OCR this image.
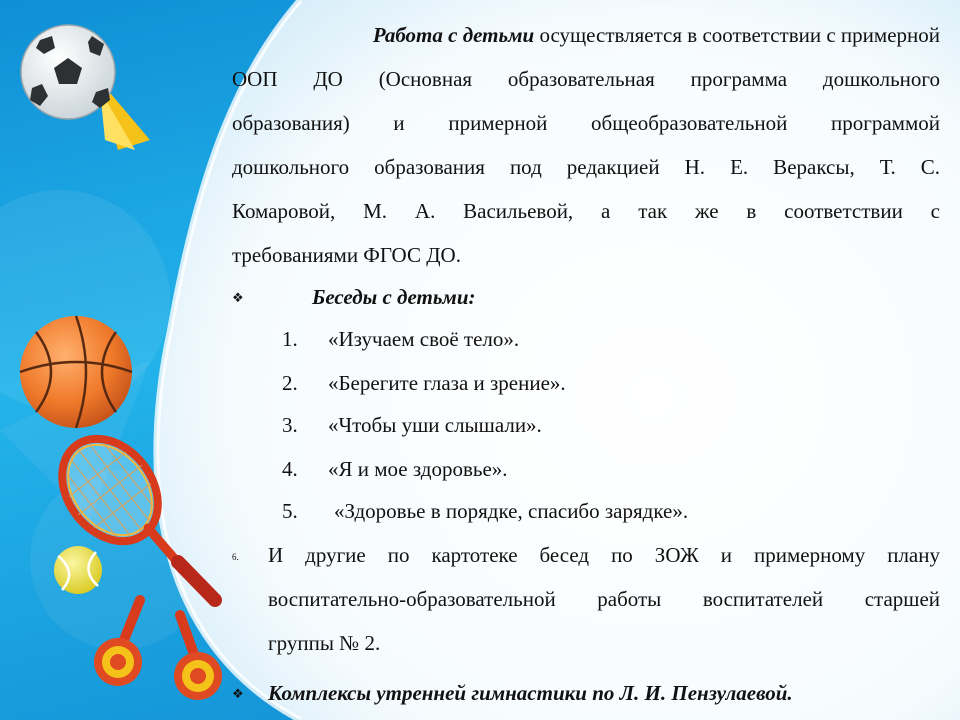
Работа с детьми осуществляется в соответствии с примерной
ООП ДО (Основная образовательная программа дошкольного
образования) и примерной общеобразовательной программой
дошкольного образования под редакцией Н. Е. Вераксы, Т. С.
Комаровой, М. А. Васильевой, а так же в соответствии с
требованиями ФГОС ДО.
❖	Беседы с детьми:
1. «Изучаем своё тело».
2. «Берегите глаза и зрение».
3. «Чтобы уши слышали».
4. «Я и мое здоровье».
5. «Здоровье в порядке, спасибо зарядке».
6. И другие по картотеке бесед по ЗОЖ и примерному плану
воспитательно-образовательной работы воспитателей старшей
группы № 2.
❖ Комплексы утренней гимнастики по Л. И. Пензулаевой.
